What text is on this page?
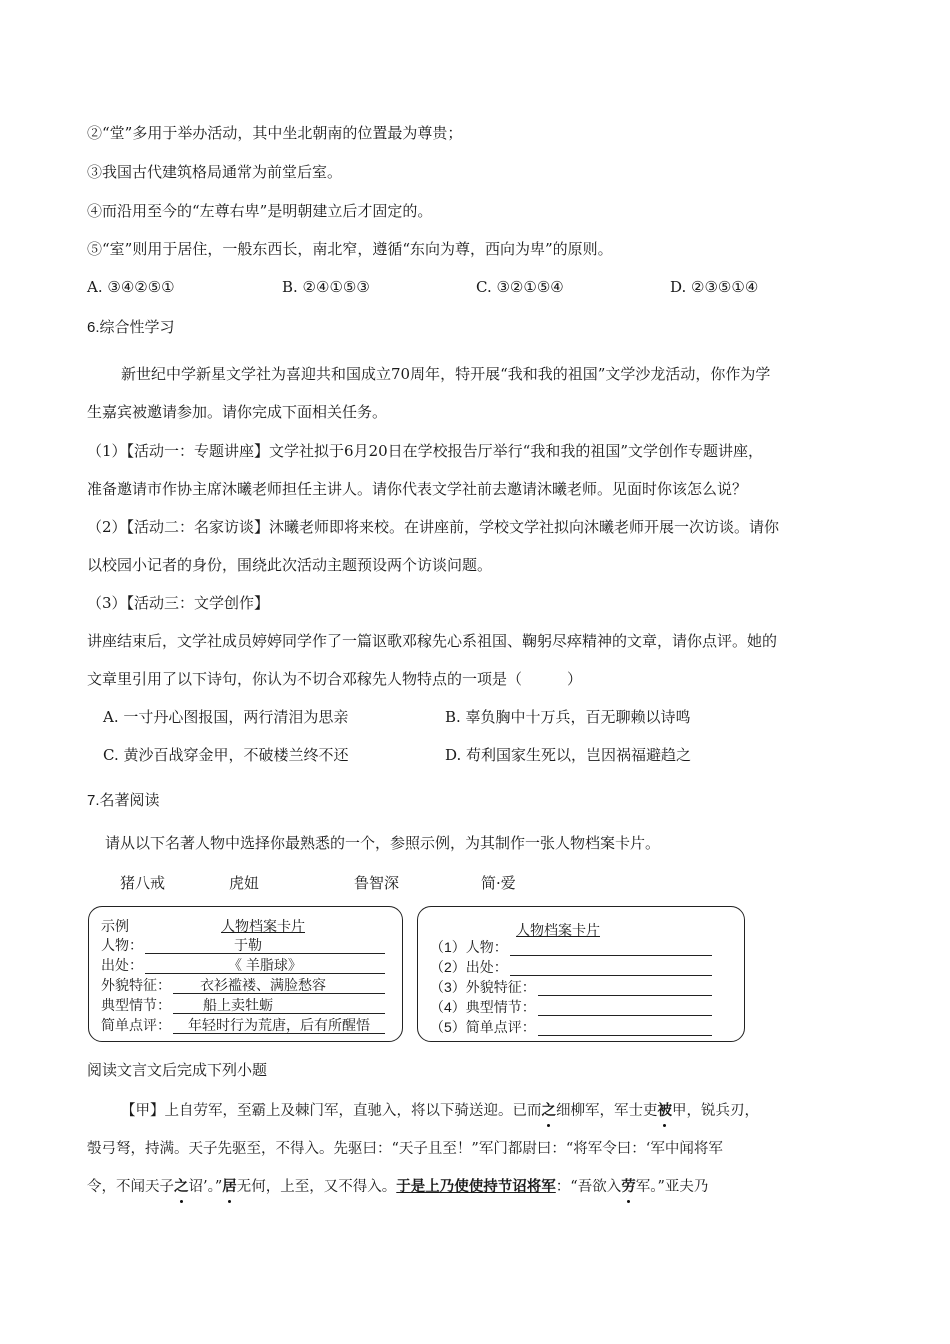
②“堂”多用于举办活动，其中坐北朝南的位置最为尊贵；
③我国古代建筑格局通常为前堂后室。
④而沿用至今的“左尊右卑”是明朝建立后才固定的。
⑤“室”则用于居住，一般东西长，南北窄，遵循“东向为尊，西向为卑”的原则。
A. ③④②⑤①	B. ②④①⑤③	C. ③②①⑤④	D. ②③⑤①④
6.综合性学习
新世纪中学新星文学社为喜迎共和国成立70周年，特开展“我和我的祖国”文学沙龙活动，你作为学
生嘉宾被邀请参加。请你完成下面相关任务。
（1）【活动一：专题讲座】文学社拟于6月20日在学校报告厅举行“我和我的祖国”文学创作专题讲座，
准备邀请市作协主席沐曦老师担任主讲人。请你代表文学社前去邀请沐曦老师。见面时你该怎么说？
（2）【活动二：名家访谈】沐曦老师即将来校。在讲座前，学校文学社拟向沐曦老师开展一次访谈。请你
以校园小记者的身份，围绕此次活动主题预设两个访谈问题。
（3）【活动三：文学创作】
讲座结束后，文学社成员婷婷同学作了一篇讴歌邓稼先心系祖国、鞠躬尽瘁精神的文章，请你点评。她的
文章里引用了以下诗句，你认为不切合邓稼先人物特点的一项是（　　　）
A. 一寸丹心图报国，两行清泪为思亲	B. 辜负胸中十万兵，百无聊赖以诗鸣
C. 黄沙百战穿金甲，不破楼兰终不还	D. 苟利国家生死以，岂因祸福避趋之
7.名著阅读
请从以下名著人物中选择你最熟悉的一个，参照示例，为其制作一张人物档案卡片。
猪八戒	虎妞	鲁智深	简·爱
示例	人物档案卡片
人物：	于勒
出处：	《 羊脂球》
外貌特征：	衣衫褴褛、满脸愁容
典型情节：	船上卖牡蛎
简单点评：	年轻时行为荒唐，后有所醒悟
人物档案卡片
（1）人物：
（2）出处：
（3）外貌特征：
（4）典型情节：
（5）简单点评：
阅读文言文后完成下列小题
【甲】上自劳军，至霸上及棘门军，直驰入，将以下骑送迎。已而之细柳军，军士吏被甲，锐兵刃，
彀弓弩，持满。天子先驱至，不得入。先驱曰：“天子且至！”军门都尉曰：“将军令曰：‘军中闻将军
令，不闻天子之诏’。”居无何，上至，又不得入。于是上乃使使持节诏将军：“吾欲入劳军。”亚夫乃
